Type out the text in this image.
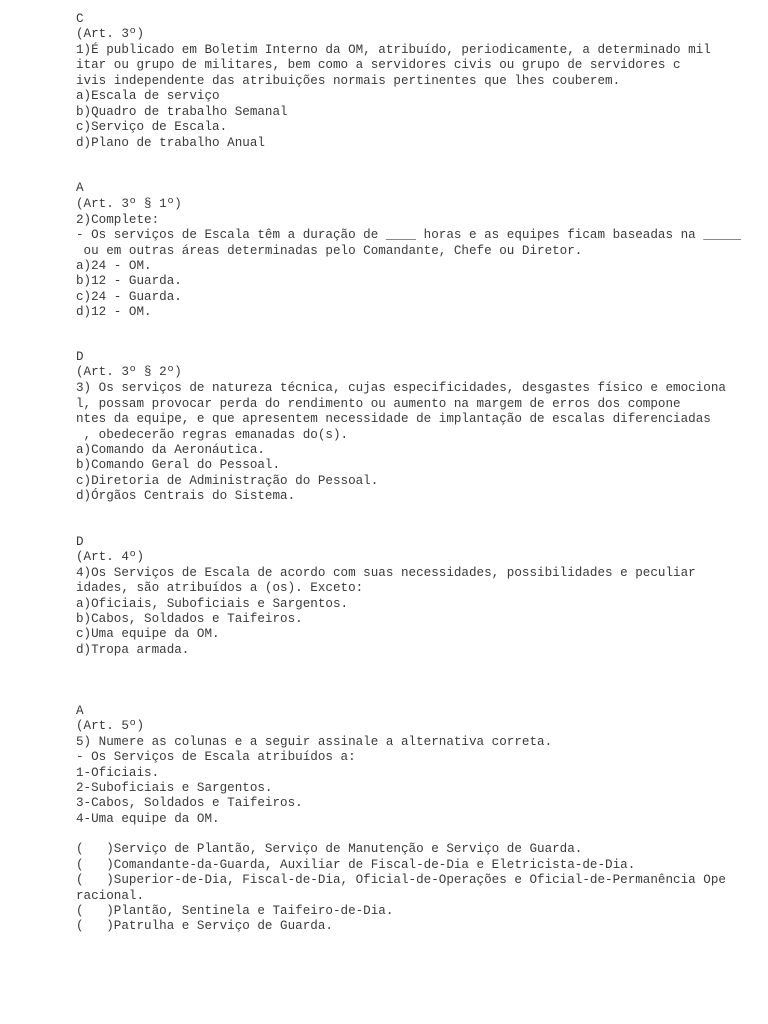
C
(Art. 3º)
1)É publicado em Boletim Interno da OM, atribuído, periodicamente, a determinado mil
itar ou grupo de militares, bem como a servidores civis ou grupo de servidores c
ivis independente das atribuições normais pertinentes que lhes couberem.
a)Escala de serviço
b)Quadro de trabalho Semanal
c)Serviço de Escala.
d)Plano de trabalho Anual
A
(Art. 3º § 1º)
2)Complete:
- Os serviços de Escala têm a duração de ____ horas e as equipes ficam baseadas na _____
ou em outras áreas determinadas pelo Comandante, Chefe ou Diretor.
a)24 - OM.
b)12 - Guarda.
c)24 - Guarda.
d)12 - OM.
D
(Art. 3º § 2º)
3) Os serviços de natureza técnica, cujas especificidades, desgastes físico e emociona
l, possam provocar perda do rendimento ou aumento na margem de erros dos compone
ntes da equipe, e que apresentem necessidade de implantação de escalas diferenciadas
, obedecerão regras emanadas do(s).
a)Comando da Aeronáutica.
b)Comando Geral do Pessoal.
c)Diretoria de Administração do Pessoal.
d)Órgãos Centrais do Sistema.
D
(Art. 4º)
4)Os Serviços de Escala de acordo com suas necessidades, possibilidades e peculiar
idades, são atribuídos a (os). Exceto:
a)Oficiais, Suboficiais e Sargentos.
b)Cabos, Soldados e Taifeiros.
c)Uma equipe da OM.
d)Tropa armada.
A
(Art. 5º)
5) Numere as colunas e a seguir assinale a alternativa correta.
- Os Serviços de Escala atribuídos a:
1-Oficiais.
2-Suboficiais e Sargentos.
3-Cabos, Soldados e Taifeiros.
4-Uma equipe da OM.
(   )Serviço de Plantão, Serviço de Manutenção e Serviço de Guarda.
(   )Comandante-da-Guarda, Auxiliar de Fiscal-de-Dia e Eletricista-de-Dia.
(   )Superior-de-Dia, Fiscal-de-Dia, Oficial-de-Operações e Oficial-de-Permanência Ope
racional.
(   )Plantão, Sentinela e Taifeiro-de-Dia.
(   )Patrulha e Serviço de Guarda.
